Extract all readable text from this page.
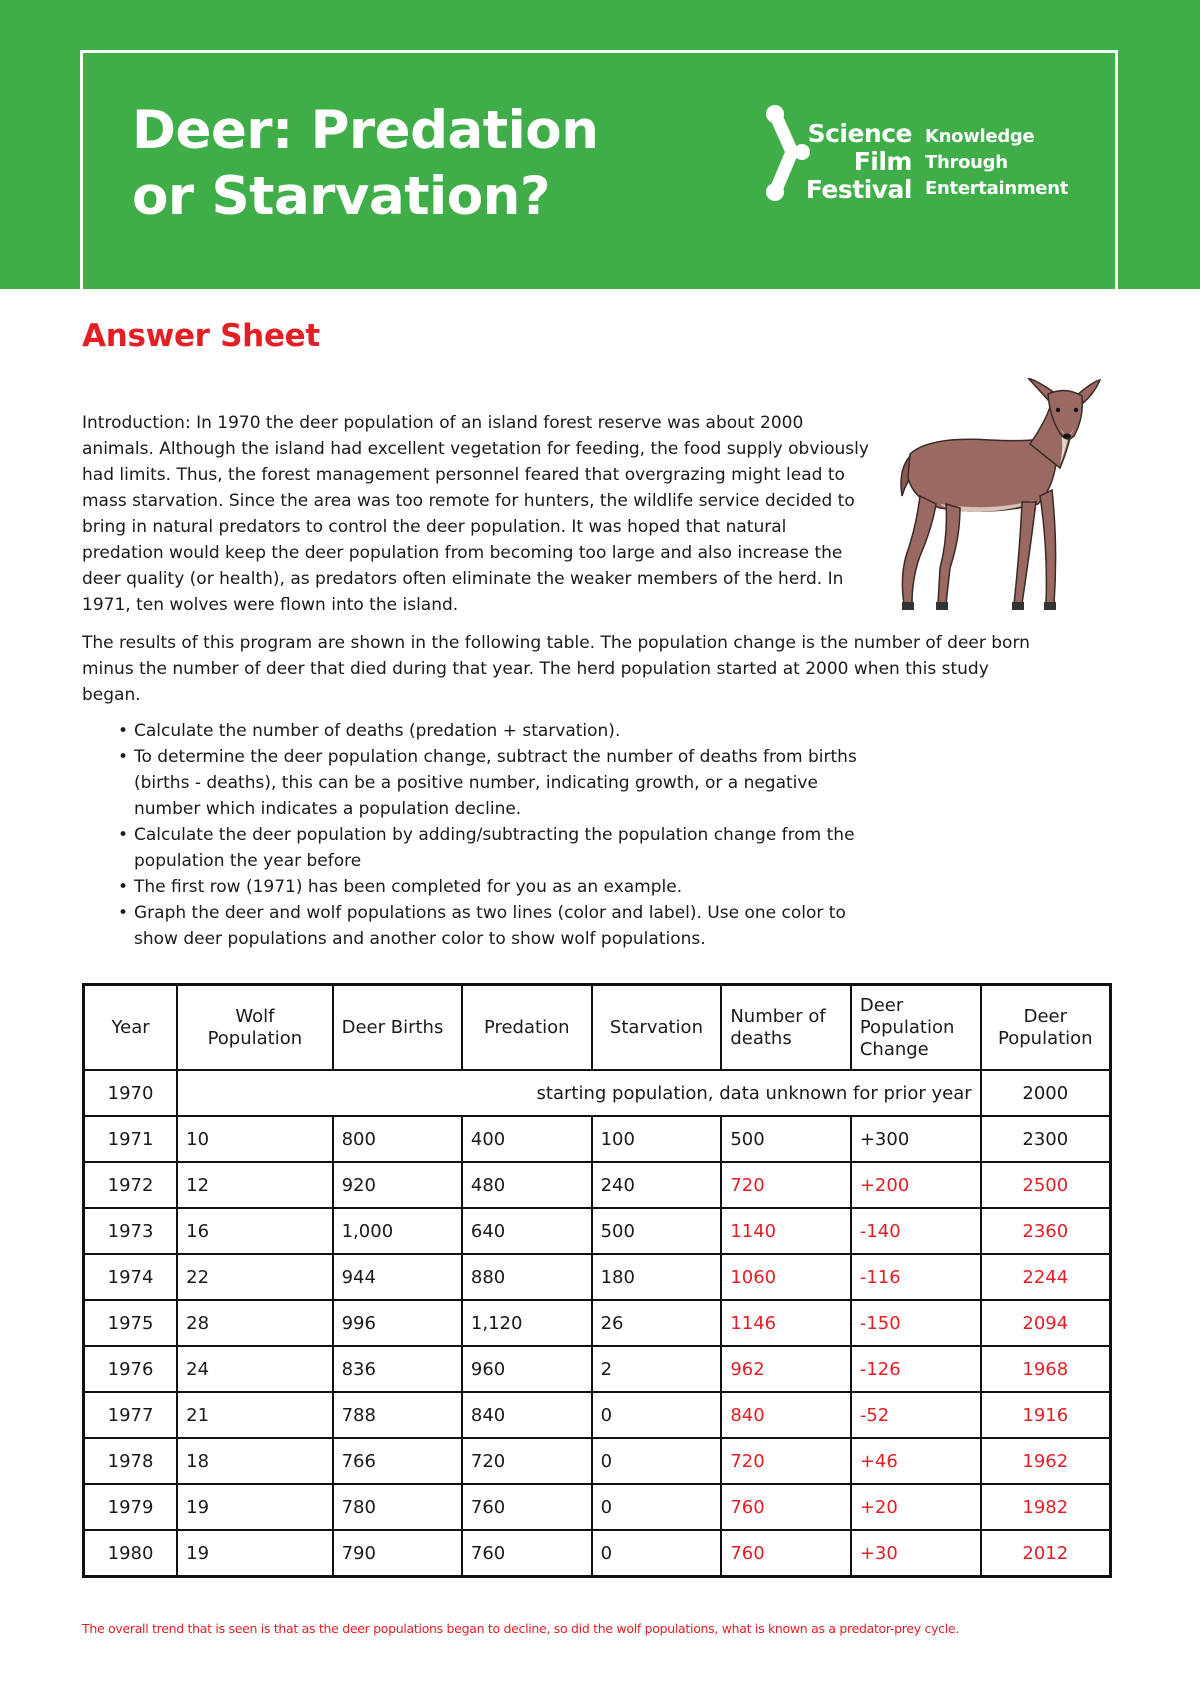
Deer: Predation
or Starvation?
Science
Film
Festival
Knowledge
Through
Entertainment
Answer Sheet
Introduction: In 1970 the deer population of an island forest reserve was about 2000 animals. Although the island had excellent vegetation for feeding, the food supply obviously had limits. Thus, the forest management personnel feared that overgrazing might lead to mass starvation. Since the area was too remote for hunters, the wildlife service decided to bring in natural predators to control the deer population. It was hoped that natural predation would keep the deer population from becoming too large and also increase the deer quality (or health), as predators often eliminate the weaker members of the herd. In 1971, ten wolves were flown into the island.
The results of this program are shown in the following table. The population change is the number of deer born minus the number of deer that died during that year. The herd population started at 2000 when this study began.
• Calculate the number of deaths (predation + starvation).
• To determine the deer population change, subtract the number of deaths from births (births - deaths), this can be a positive number, indicating growth, or a negative number which indicates a population decline.
• Calculate the deer population by adding/subtracting the population change from the population the year before
• The first row (1971) has been completed for you as an example.
• Graph the deer and wolf populations as two lines (color and label). Use one color to show deer populations and another color to show wolf populations.
Year	Wolf Population	Deer Births	Predation	Starvation	Number of deaths	Deer Population Change	Deer Population
1970	starting population, data unknown for prior year						2000
1971	10	800	400	100	500	+300	2300
1972	12	920	480	240	720	+200	2500
1973	16	1,000	640	500	1140	-140	2360
1974	22	944	880	180	1060	-116	2244
1975	28	996	1,120	26	1146	-150	2094
1976	24	836	960	2	962	-126	1968
1977	21	788	840	0	840	-52	1916
1978	18	766	720	0	720	+46	1962
1979	19	780	760	0	760	+20	1982
1980	19	790	760	0	760	+30	2012
The overall trend that is seen is that as the deer populations began to decline, so did the wolf populations, what is known as a predator-prey cycle.
